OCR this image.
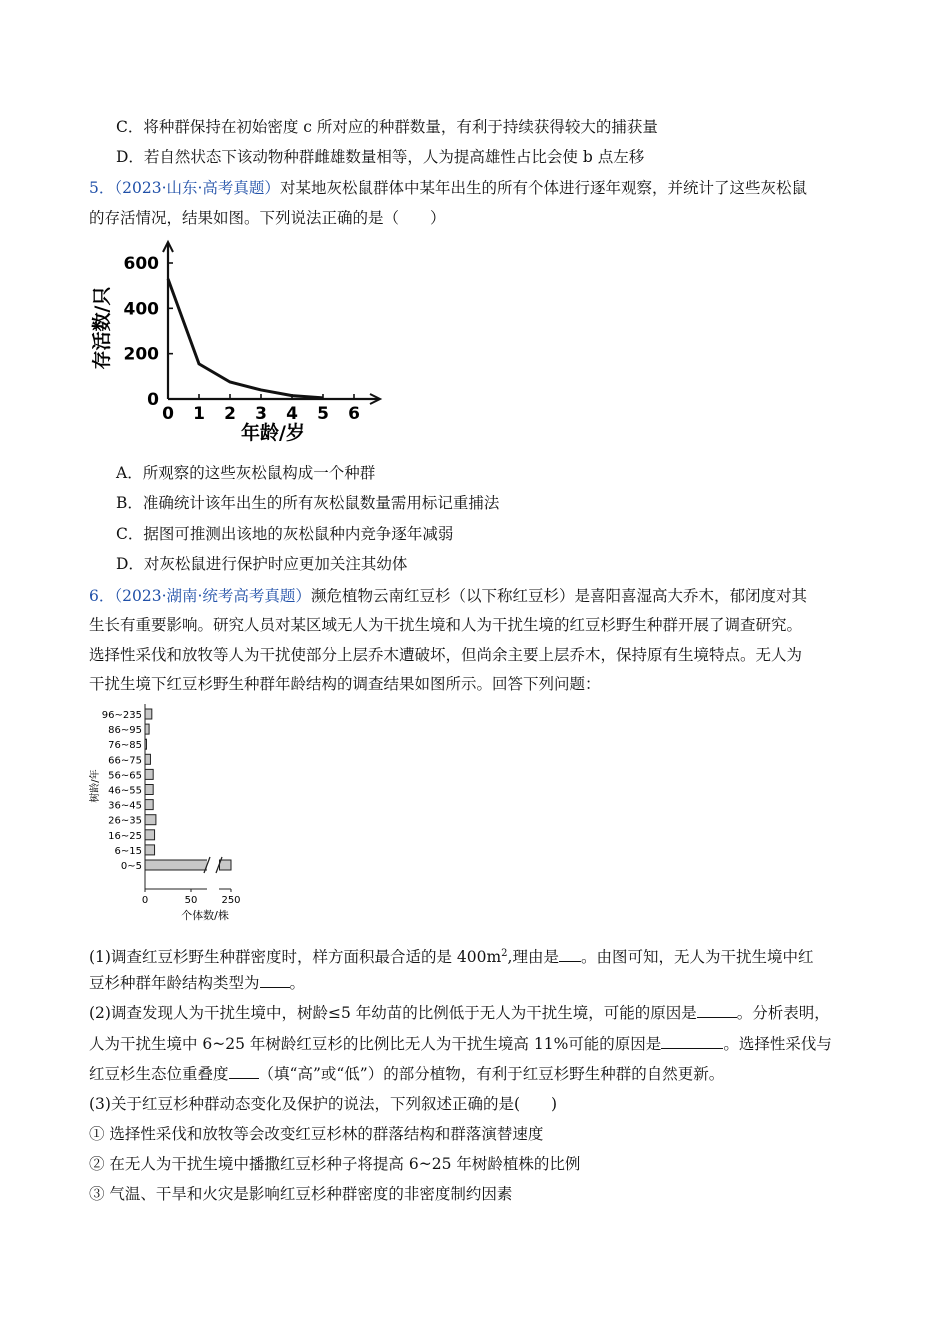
C．将种群保持在初始密度 c 所对应的种群数量，有利于持续获得较大的捕获量
D．若自然状态下该动物种群雌雄数量相等，人为提高雄性占比会使 b 点左移
5．（2023·山东·高考真题）对某地灰松鼠群体中某年出生的所有个体进行逐年观察，并统计了这些灰松鼠
的存活情况，结果如图。下列说法正确的是（　　）
0 1 2 3 4 5 6
0
200
400
600
存活数/只
年龄/岁
A．所观察的这些灰松鼠构成一个种群
B．准确统计该年出生的所有灰松鼠数量需用标记重捕法
C．据图可推测出该地的灰松鼠种内竞争逐年减弱
D．对灰松鼠进行保护时应更加关注其幼体
6．（2023·湖南·统考高考真题）濒危植物云南红豆杉（以下称红豆杉）是喜阳喜湿高大乔木，郁闭度对其
生长有重要影响。研究人员对某区域无人为干扰生境和人为干扰生境的红豆杉野生种群开展了调查研究。
选择性采伐和放牧等人为干扰使部分上层乔木遭破坏，但尚余主要上层乔木，保持原有生境特点。无人为
干扰生境下红豆杉野生种群年龄结构的调查结果如图所示。回答下列问题：
96~235
86~95
76~85
66~75
56~65
46~55
36~45
26~35
16~25
6~15
0~5
0	50 250
树龄/年
个体数/株
(1)调查红豆杉野生种群密度时，样方面积最合适的是 $400m^2$,理由是 。由图可知，无人为干扰生境中红
豆杉种群年龄结构类型为 。
(2)调查发现人为干扰生境中，树龄≤5 年幼苗的比例低于无人为干扰生境，可能的原因是	。分析表明，
人为干扰生境中 6~25 年树龄红豆杉的比例比无人为干扰生境高 11%可能的原因是	。选择性采伐与
红豆杉生态位重叠度 （填“高”或“低”）的部分植物，有利于红豆杉野生种群的自然更新。
(3)关于红豆杉种群动态变化及保护的说法，下列叙述正确的是(　　)
① 选择性采伐和放牧等会改变红豆杉林的群落结构和群落演替速度
② 在无人为干扰生境中播撒红豆杉种子将提高 6~25 年树龄植株的比例
③ 气温、干旱和火灾是影响红豆杉种群密度的非密度制约因素
